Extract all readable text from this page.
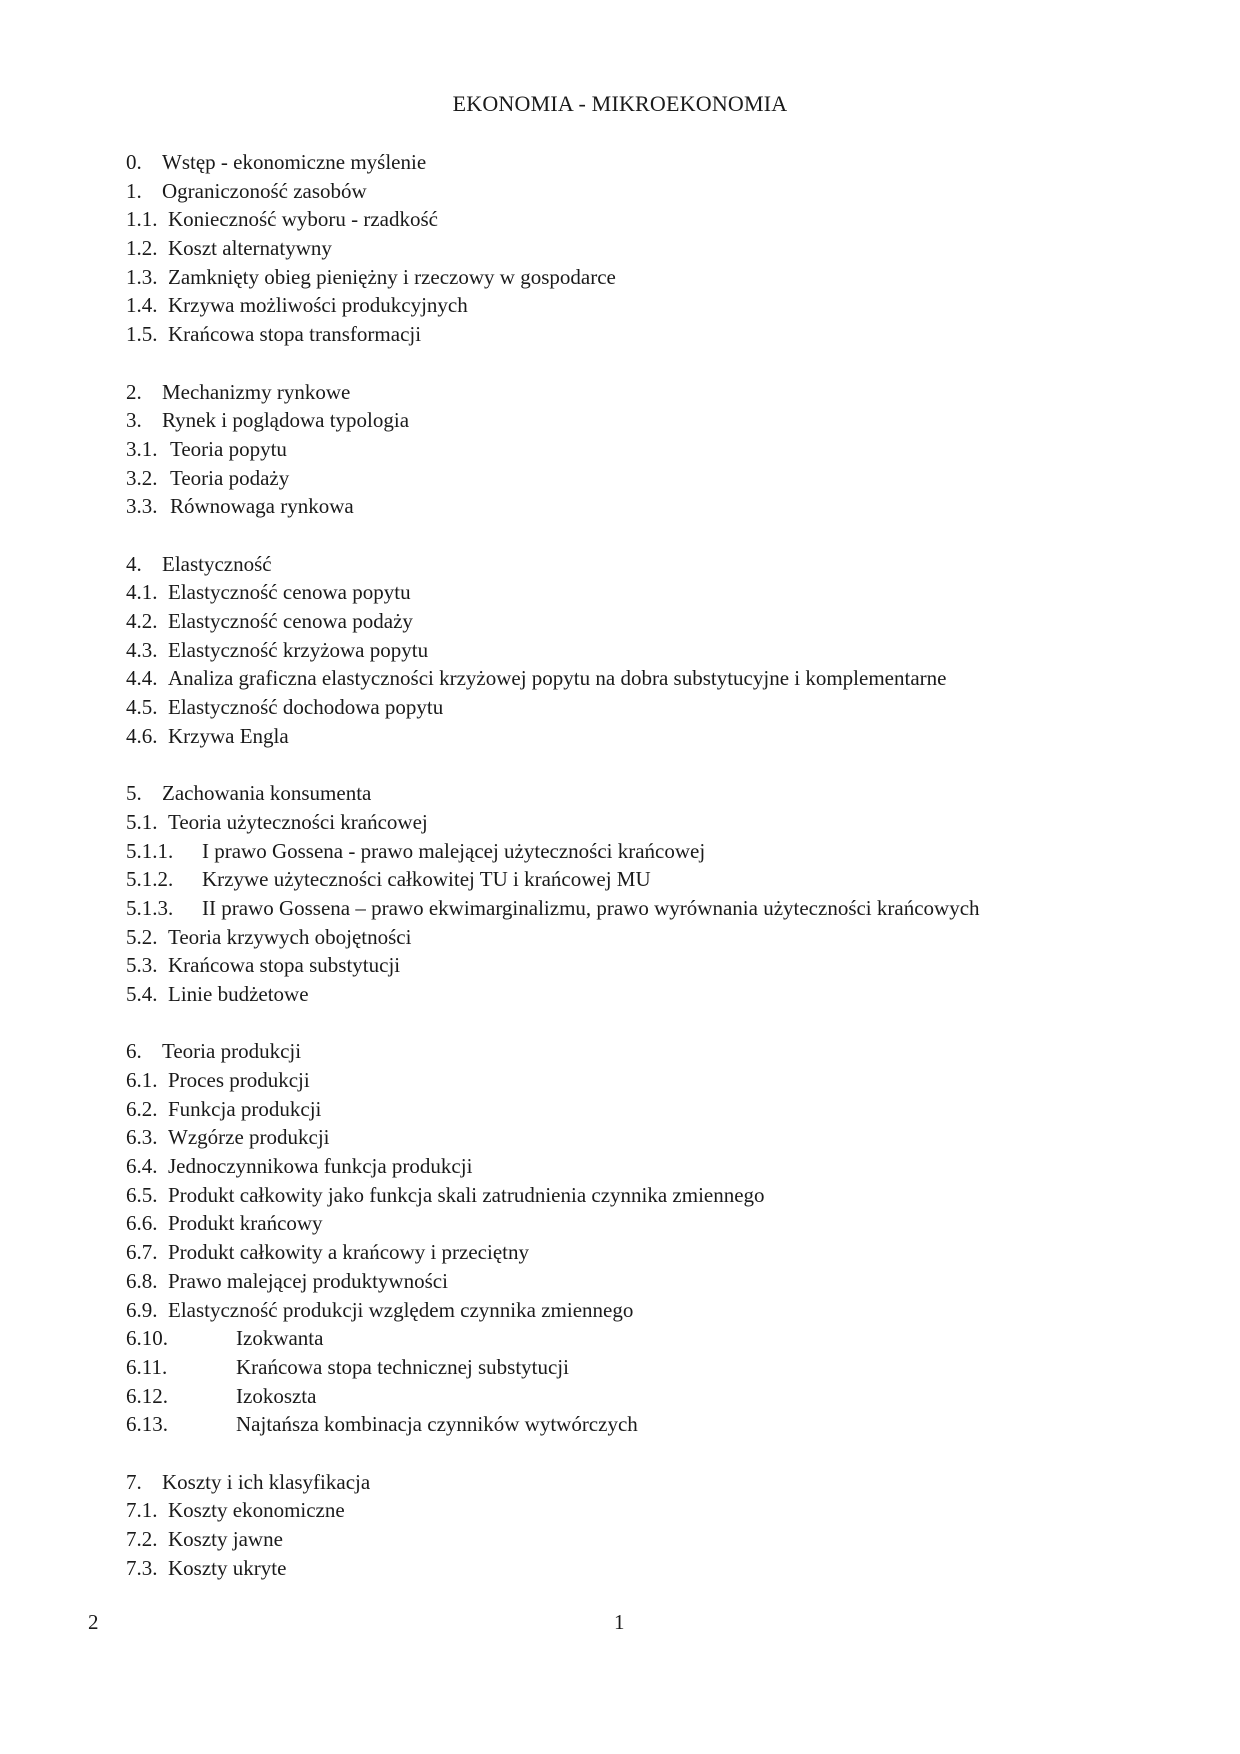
EKONOMIA - MIKROEKONOMIA
0. Wstęp - ekonomiczne myślenie
1. Ograniczoność zasobów
1.1. Konieczność wyboru - rzadkość
1.2. Koszt alternatywny
1.3. Zamknięty obieg pieniężny i rzeczowy w gospodarce
1.4. Krzywa możliwości produkcyjnych
1.5. Krańcowa stopa transformacji
2. Mechanizmy rynkowe
3. Rynek i poglądowa typologia
3.1. Teoria popytu
3.2. Teoria podaży
3.3. Równowaga rynkowa
4. Elastyczność
4.1. Elastyczność cenowa popytu
4.2. Elastyczność cenowa podaży
4.3. Elastyczność krzyżowa popytu
4.4. Analiza graficzna elastyczności krzyżowej popytu na dobra substytucyjne i komplementarne
4.5. Elastyczność dochodowa popytu
4.6. Krzywa Engla
5. Zachowania konsumenta
5.1. Teoria użyteczności krańcowej
5.1.1.	I prawo Gossena - prawo malejącej użyteczności krańcowej
5.1.2.	Krzywe użyteczności całkowitej TU i krańcowej MU
5.1.3.	II prawo Gossena – prawo ekwimarginalizmu, prawo wyrównania użyteczności krańcowych
5.2. Teoria krzywych obojętności
5.3. Krańcowa stopa substytucji
5.4. Linie budżetowe
6. Teoria produkcji
6.1. Proces produkcji
6.2. Funkcja produkcji
6.3. Wzgórze produkcji
6.4. Jednoczynnikowa funkcja produkcji
6.5. Produkt całkowity jako funkcja skali zatrudnienia czynnika zmiennego
6.6. Produkt krańcowy
6.7. Produkt całkowity a krańcowy i przeciętny
6.8. Prawo malejącej produktywności
6.9. Elastyczność produkcji względem czynnika zmiennego
6.10.	Izokwanta
6.11.	Krańcowa stopa technicznej substytucji
6.12.	Izokoszta
6.13.	Najtańsza kombinacja czynników wytwórczych
7. Koszty i ich klasyfikacja
7.1. Koszty ekonomiczne
7.2. Koszty jawne
7.3. Koszty ukryte
2	1
